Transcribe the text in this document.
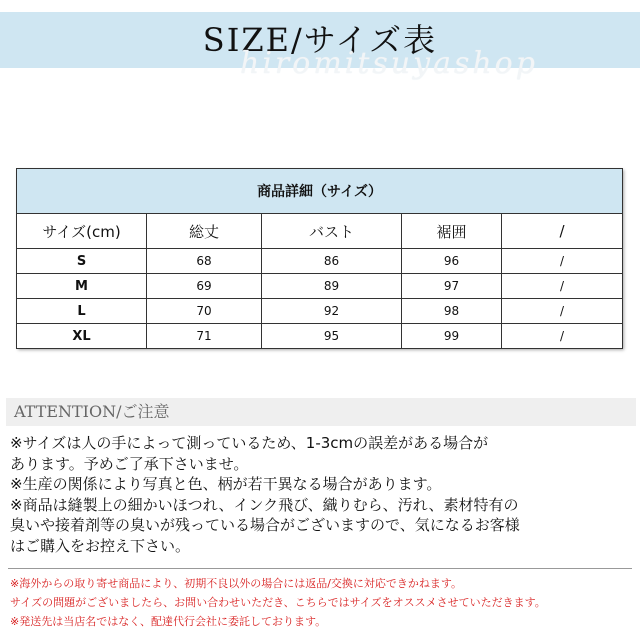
SIZE/サイズ表
hiromitsuyashop
商品詳細（サイズ）				
サイズ(cm)	総丈	バスト	裾囲	/
S	68	86	96	/
M	69	89	97	/
L	70	92	98	/
XL	71	95	99	/
ATTENTION/ご注意
※サイズは人の手によって測っているため、1-3cmの誤差がある場合が
あります。予めご了承下さいませ。
※生産の関係により写真と色、柄が若干異なる場合があります。
※商品は縫製上の細かいほつれ、インク飛び、織りむら、汚れ、素材特有の
臭いや接着剤等の臭いが残っている場合がございますので、気になるお客様
はご購入をお控え下さい。
※海外からの取り寄せ商品により、初期不良以外の場合には返品/交換に対応できかねます。
サイズの問題がございましたら、お問い合わせいただき、こちらではサイズをオススメさせていただきます。
※発送先は当店名ではなく、配達代行会社に委託しております。
